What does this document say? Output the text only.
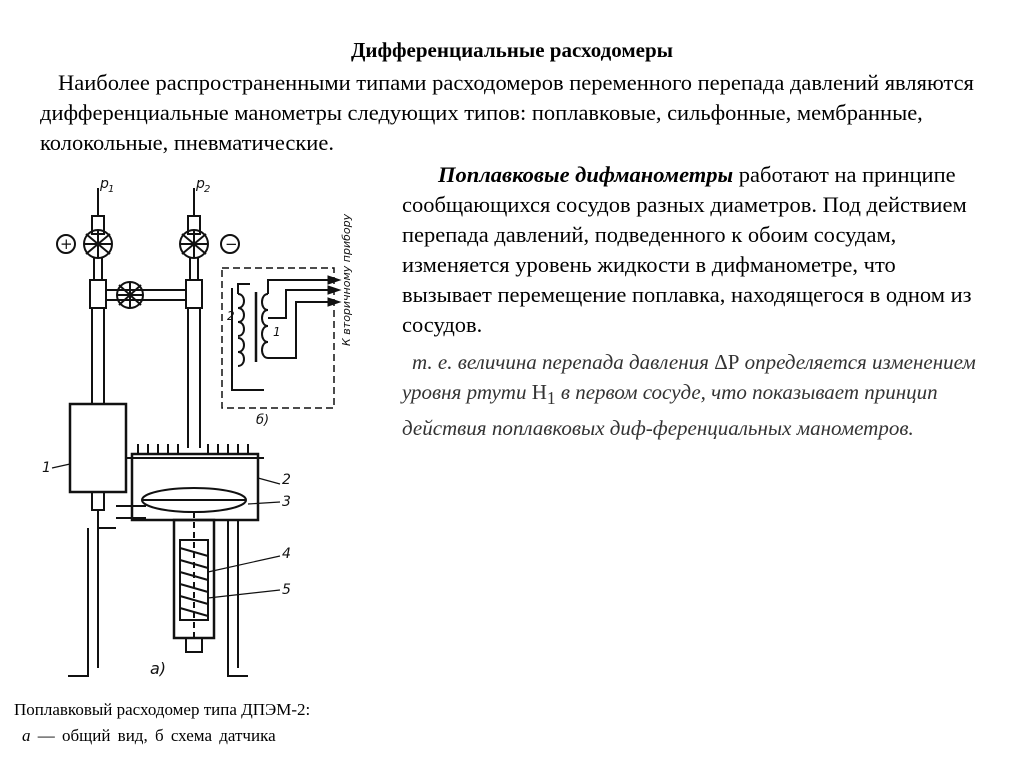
Дифференциальные расходомеры
Наиболее распространенными типами расходомеров переменного перепада давлений являются дифференциальные манометры следующих типов: поплавковые, сильфонные, мембранные, колокольные, пневматические.
Поплавковые дифманометры работают на принципе сообщающихся сосудов разных диаметров. Под действием перепада давлений, подведенного к обоим сосудам, изменяется уровень жидкости в дифманометре, что вызывает перемещение поплавка, находящегося в одном из сосудов.
т. е. величина перепада давления ΔP определяется изменением уровня ртути $H_1$ в первом сосуде, что показывает принцип действия поплавковых диф-ференциальных манометров.
p 1	p 2
+	−
1
2
3
4
5
а)
б)
2
1	К вторичному прибору
Поплавковый расходомер типа ДПЭМ-2:
а — общий вид, б схема датчика
